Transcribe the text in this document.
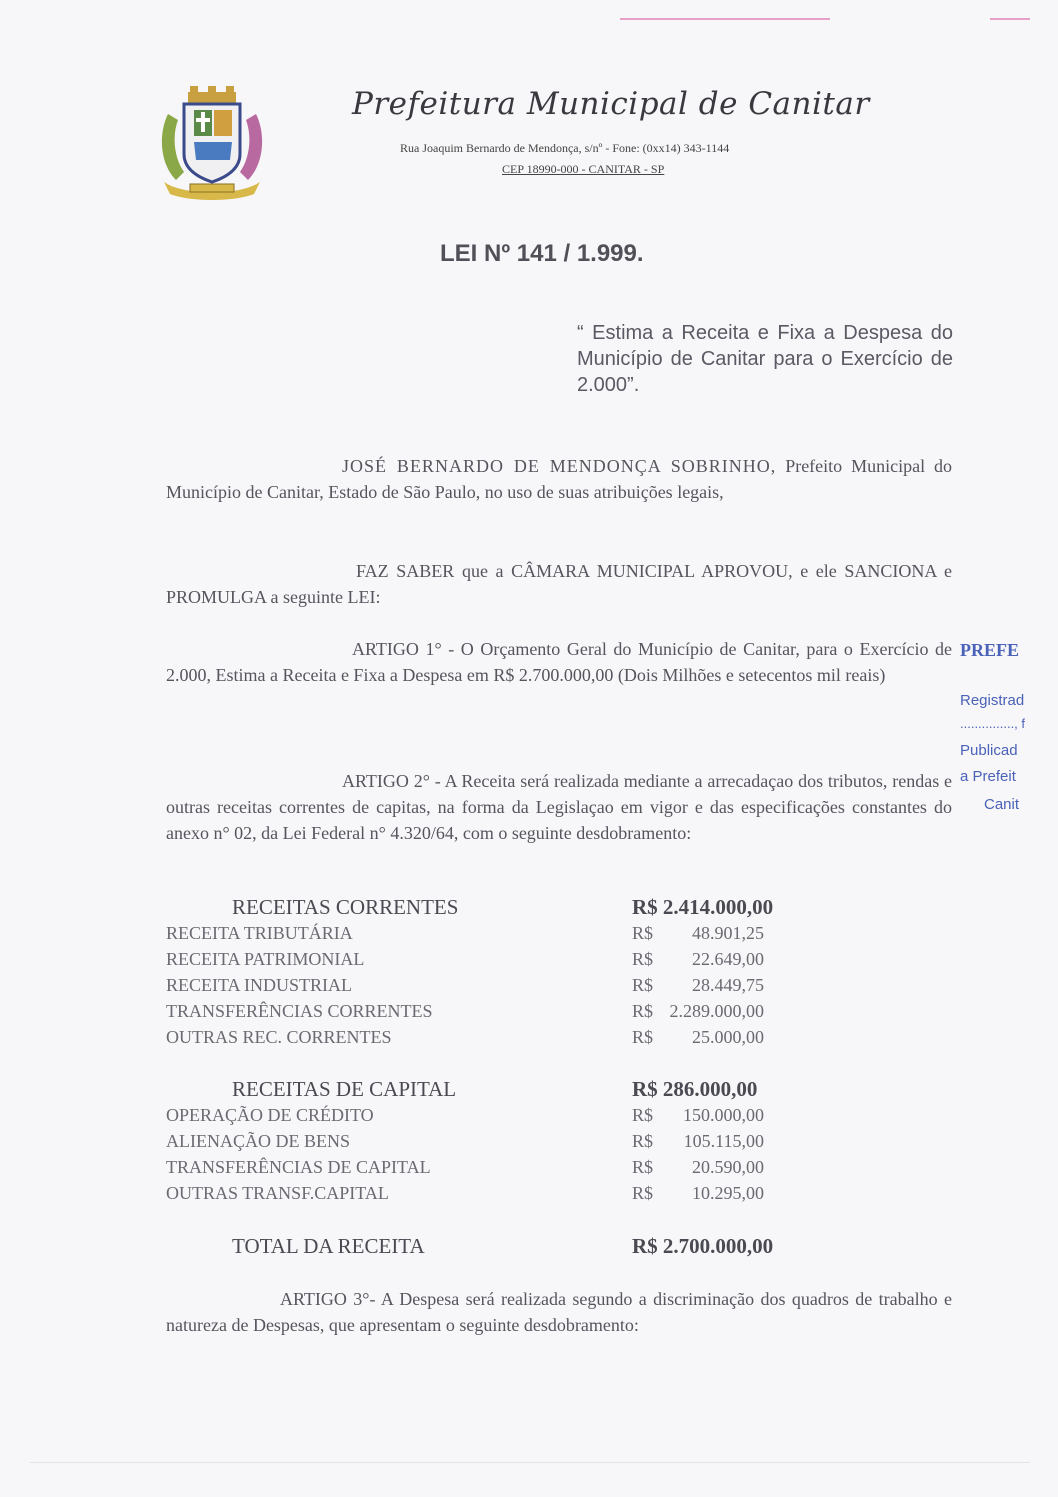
Prefeitura Municipal de Canitar
Rua Joaquim Bernardo de Mendonça, s/nº - Fone: (0xx14) 343-1144
CEP 18990-000 - CANITAR - SP
LEI Nº 141 / 1.999.
“ Estima a Receita e Fixa a Despesa do Município de Canitar para o Exercício de 2.000”.
JOSÉ BERNARDO DE MENDONÇA SOBRINHO, Prefeito Municipal do Município de Canitar, Estado de São Paulo, no uso de suas atribuições legais,
FAZ SABER que a CÂMARA MUNICIPAL APROVOU, e ele SANCIONA e PROMULGA a seguinte LEI:
ARTIGO 1° - O Orçamento Geral do Município de Canitar, para o Exercício de 2.000, Estima a Receita e Fixa a Despesa em R$ 2.700.000,00 (Dois Milhões e setecentos mil reais)
ARTIGO 2° - A Receita será realizada mediante a arrecadaçao dos tributos, rendas e outras receitas correntes de capitas, na forma da Legislaçao em vigor e das especificações constantes do anexo n° 02, da Lei Federal n° 4.320/64, com o seguinte desdobramento:
RECEITAS CORRENTES	R$ 2.414.000,00
RECEITA TRIBUTÁRIA	R$	48.901,25
RECEITA PATRIMONIAL	R$	22.649,00
RECEITA INDUSTRIAL	R$	28.449,75
TRANSFERÊNCIAS CORRENTES	R$ 2.289.000,00
OUTRAS REC. CORRENTES	R$	25.000,00
RECEITAS DE CAPITAL	R$ 286.000,00
OPERAÇÃO DE CRÉDITO	R$	150.000,00
ALIENAÇÃO DE BENS	R$	105.115,00
TRANSFERÊNCIAS DE CAPITAL	R$	20.590,00
OUTRAS TRANSF.CAPITAL	R$	10.295,00
TOTAL DA RECEITA	R$ 2.700.000,00
ARTIGO 3°- A Despesa será realizada segundo a discriminação dos quadros de trabalho e natureza de Despesas, que apresentam o seguinte desdobramento:
PREFE
Registrad
..............., f
Publicad
a Prefeit
Canit
